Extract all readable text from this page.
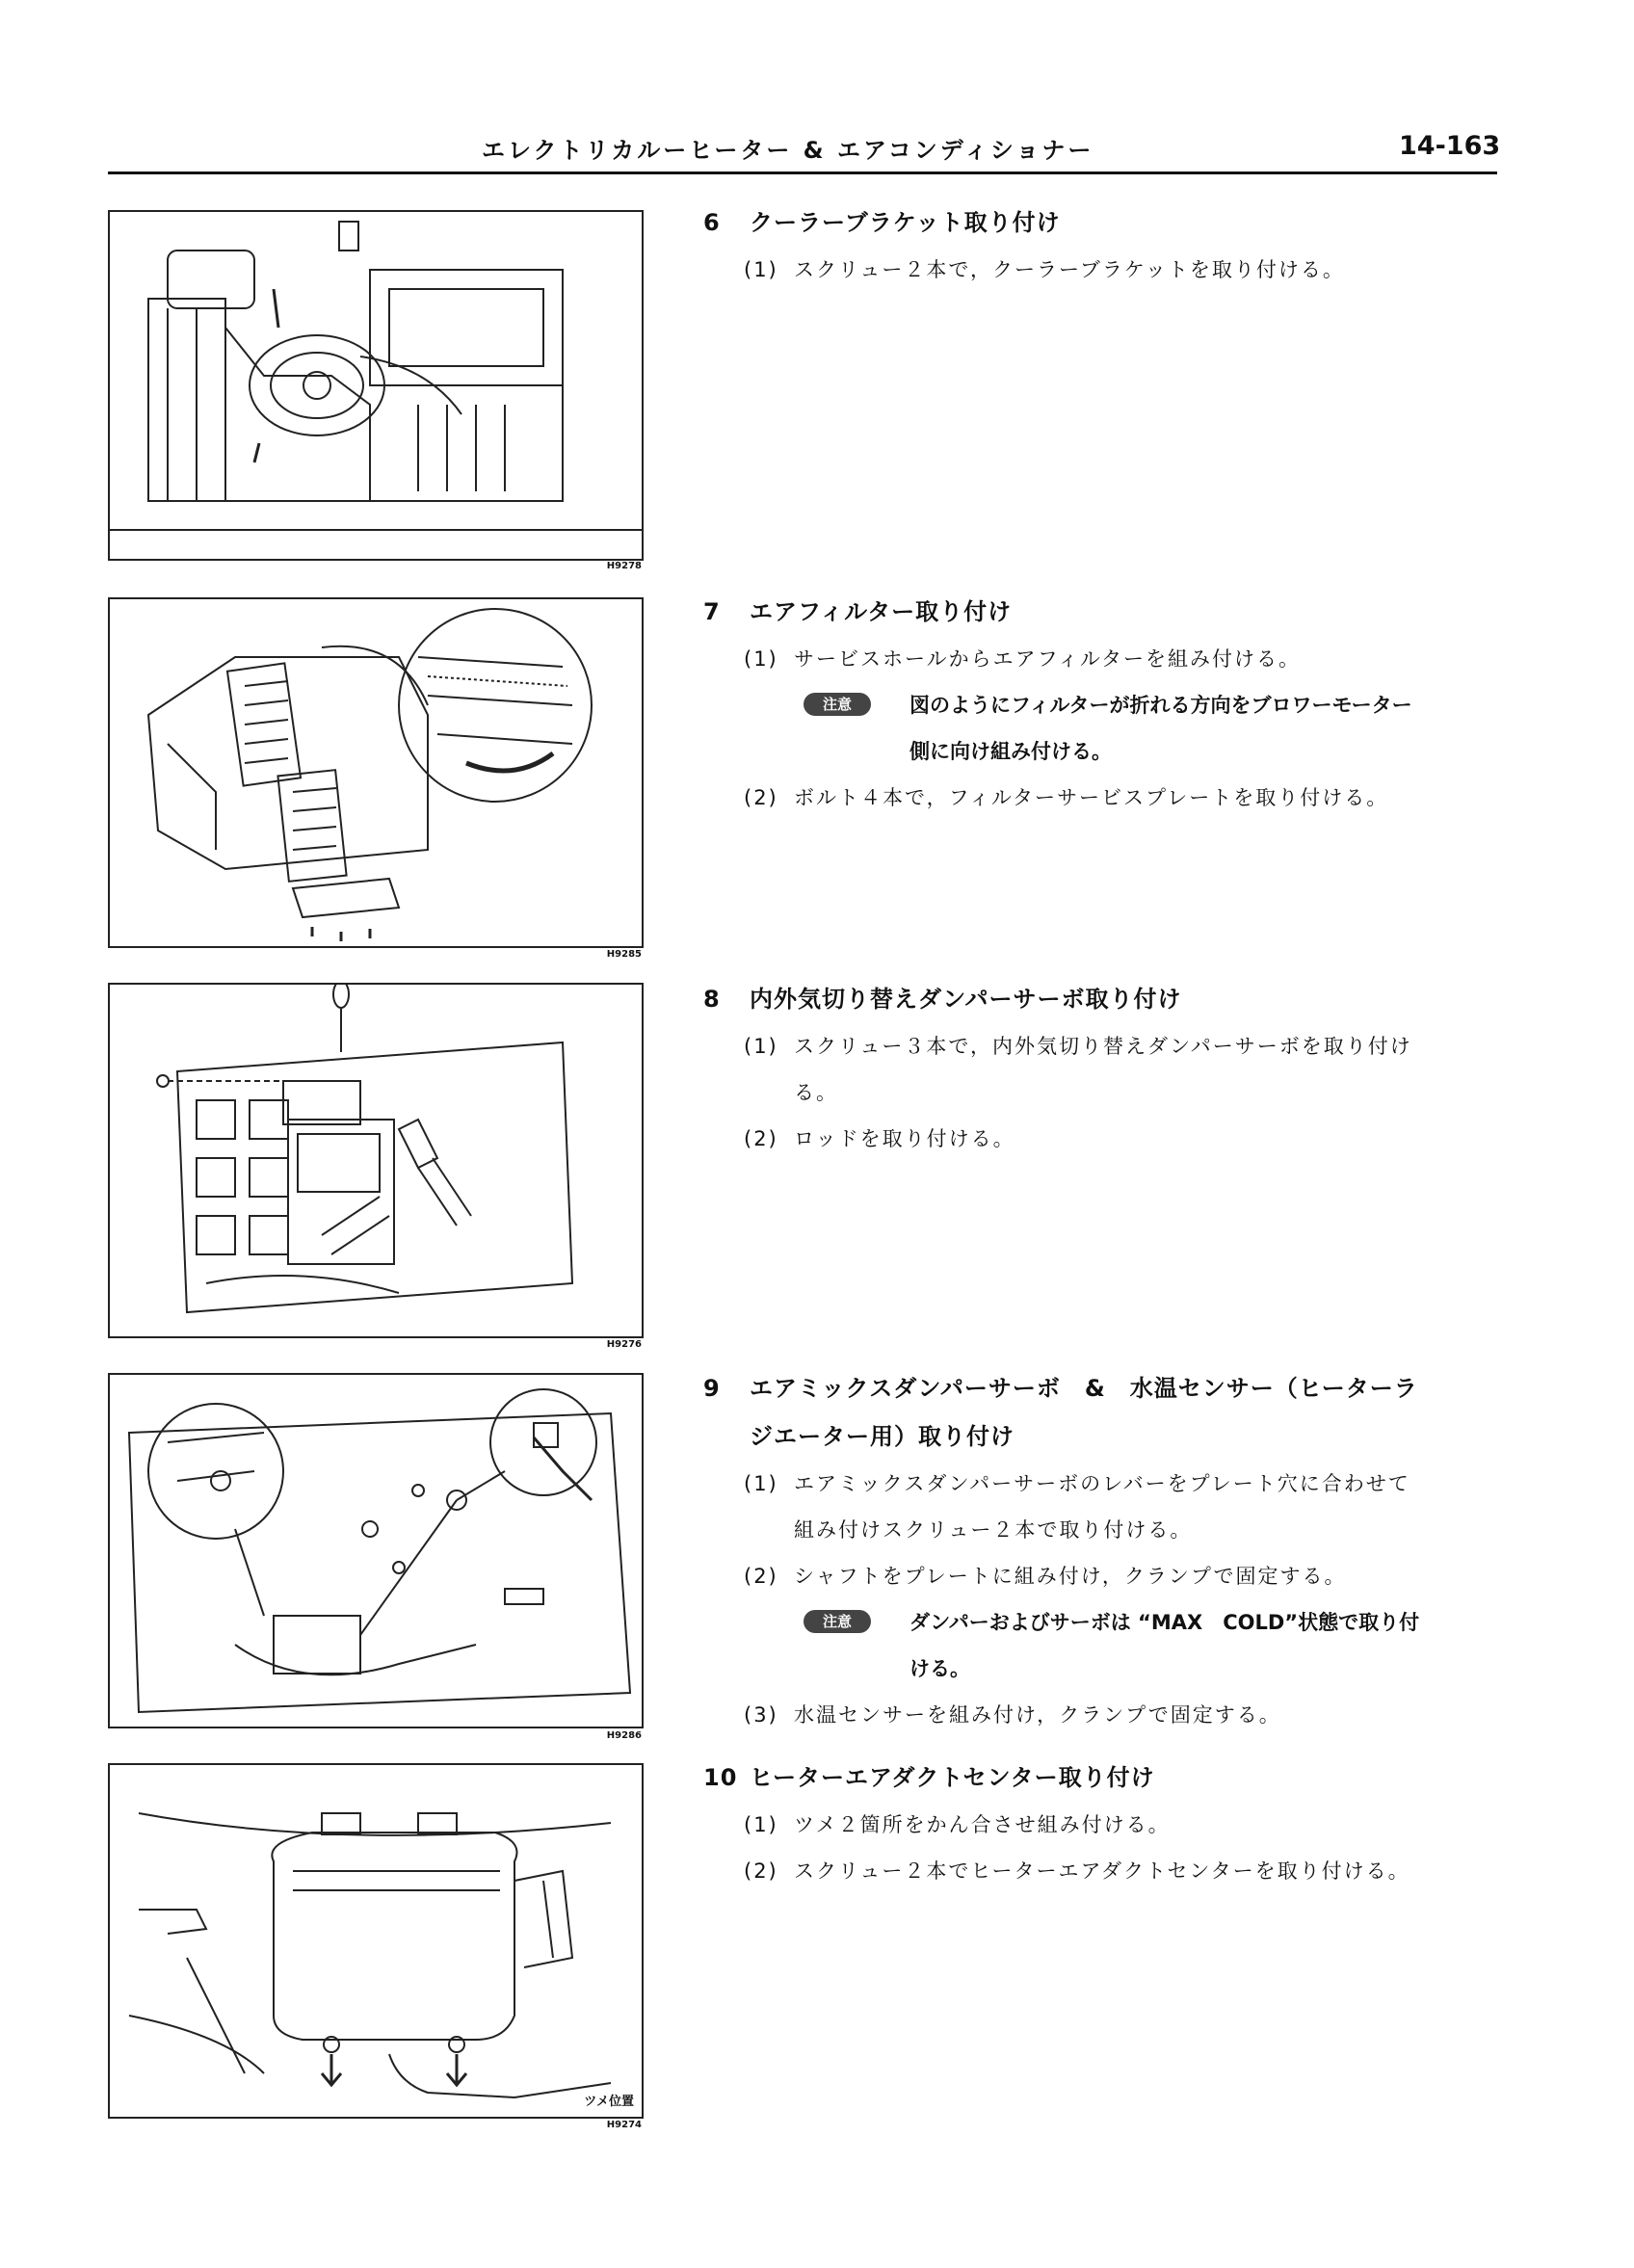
エレクトリカルーヒーター & エアコンディショナー	14-163
H9278
H9285
H9276
H9286
ツメ位置
H9274
6 クーラーブラケット取り付け
(1) スクリュー２本で，クーラーブラケットを取り付ける。
7 エアフィルター取り付け
(1) サービスホールからエアフィルターを組み付ける。
注意	図のようにフィルターが折れる方向をブロワーモーター
側に向け組み付ける。
(2) ボルト４本で，フィルターサービスプレートを取り付ける。
8 内外気切り替えダンパーサーボ取り付け
(1) スクリュー３本で，内外気切り替えダンパーサーボを取り付け
る。
(2) ロッドを取り付ける。
9 エアミックスダンパーサーボ　&　水温センサー（ヒーターラ
ジエーター用）取り付け
(1) エアミックスダンパーサーボのレバーをプレート穴に合わせて
組み付けスクリュー２本で取り付ける。
(2) シャフトをプレートに組み付け，クランプで固定する。
注意	ダンパーおよびサーボは “MAX　COLD”状態で取り付
ける。
(3) 水温センサーを組み付け，クランプで固定する。
10 ヒーターエアダクトセンター取り付け
(1) ツメ２箇所をかん合させ組み付ける。
(2) スクリュー２本でヒーターエアダクトセンターを取り付ける。
